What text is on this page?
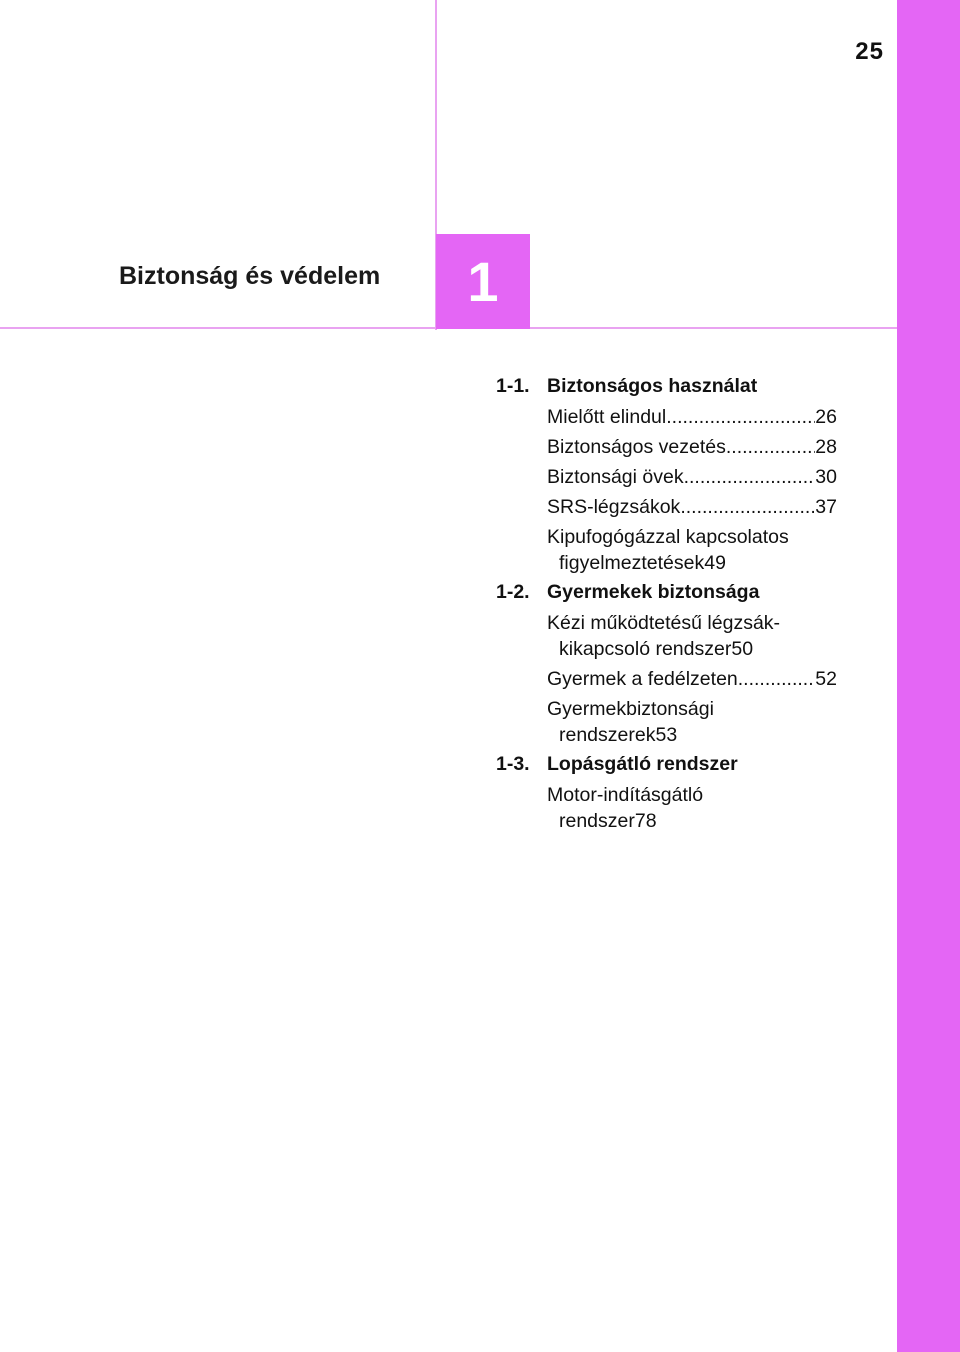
25
1
Biztonság és védelem
1-1. Biztonságos használat
Mielőtt elindul .....	26
Biztonságos vezetés .....	28
Biztonsági övek .....	30
SRS-légzsákok .....	37
Kipufogógázzal kapcsolatos
figyelmeztetések 49
1-2. Gyermekek biztonsága
Kézi működtetésű légzsák-
kikapcsoló rendszer 50
Gyermek a fedélzeten .....	52
Gyermekbiztonsági
rendszerek 53
1-3. Lopásgátló rendszer
Motor-indításgátló
rendszer 78
